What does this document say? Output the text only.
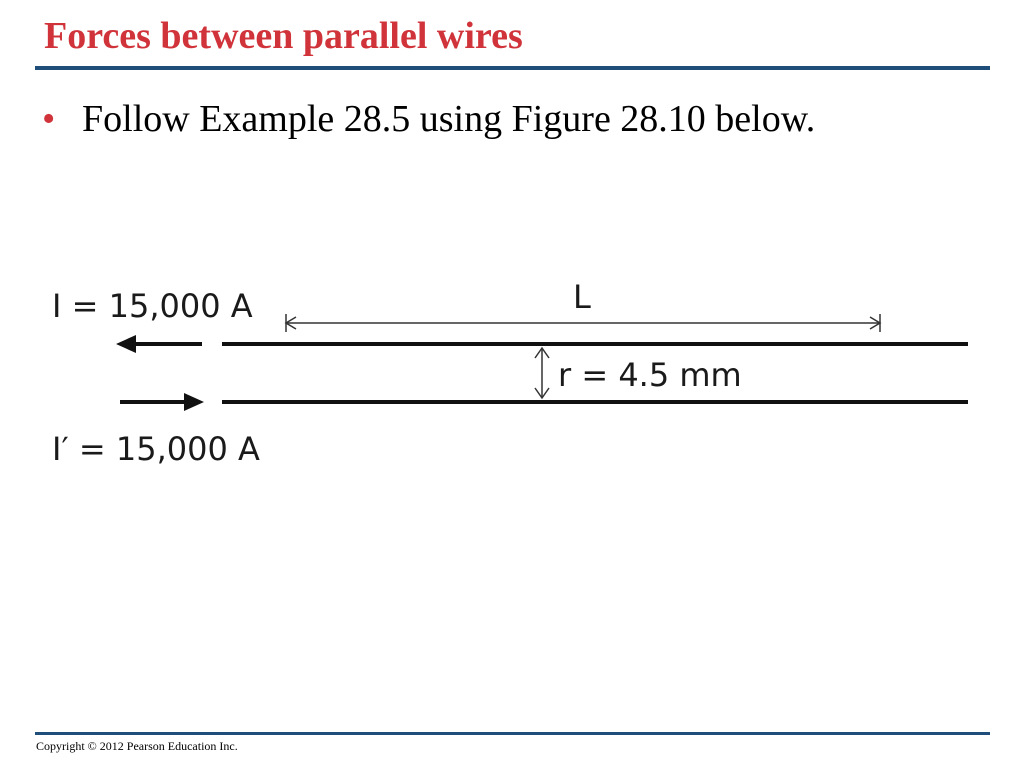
Forces between parallel wires
• Follow Example 28.5 using Figure 28.10 below.
I = 15,000 A	L
r = 4.5 mm
I′ = 15,000 A
Copyright © 2012 Pearson Education Inc.
